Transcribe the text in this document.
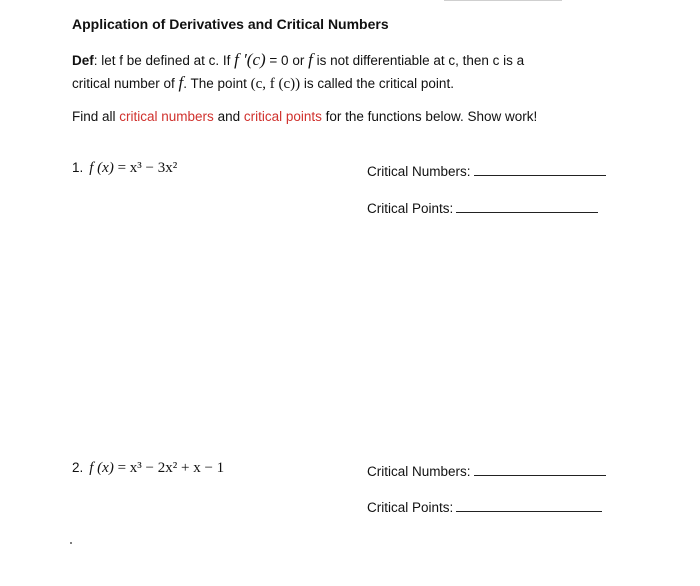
Application of Derivatives and Critical Numbers
Def: let f be defined at c. If f ′(c) = 0 or f is not differentiable at c, then c is a
critical number of f. The point (c, f (c)) is called the critical point.
Find all critical numbers and critical points for the functions below. Show work!
1. f (x) = x³ − 3x²	Critical Numbers:
Critical Points:
2. f (x) = x³ − 2x² + x − 1	Critical Numbers:
Critical Points:
